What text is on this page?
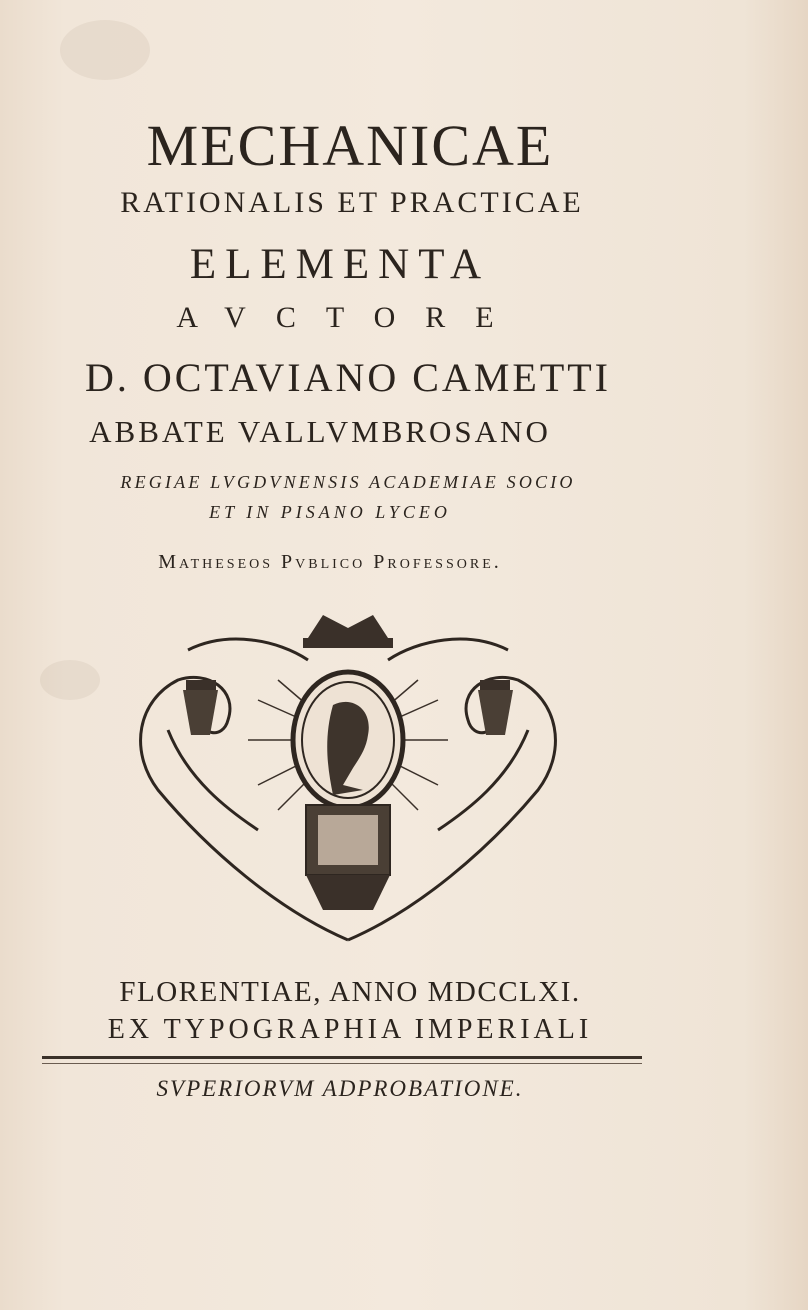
MECHANICAE
RATIONALIS ET PRACTICAE
ELEMENTA
AVCTORE
D. OCTAVIANO CAMETTI
ABBATE VALLVMBROSANO
REGIAE LVGDVNENSIS ACADEMIAE SOCIO
ET IN PISANO LYCEO
Matheseos Pvblico Professore.
FLORENTIAE, ANNO MDCCLXI.
EX TYPOGRAPHIA IMPERIALI
SVPERIORVM ADPROBATIONE.
